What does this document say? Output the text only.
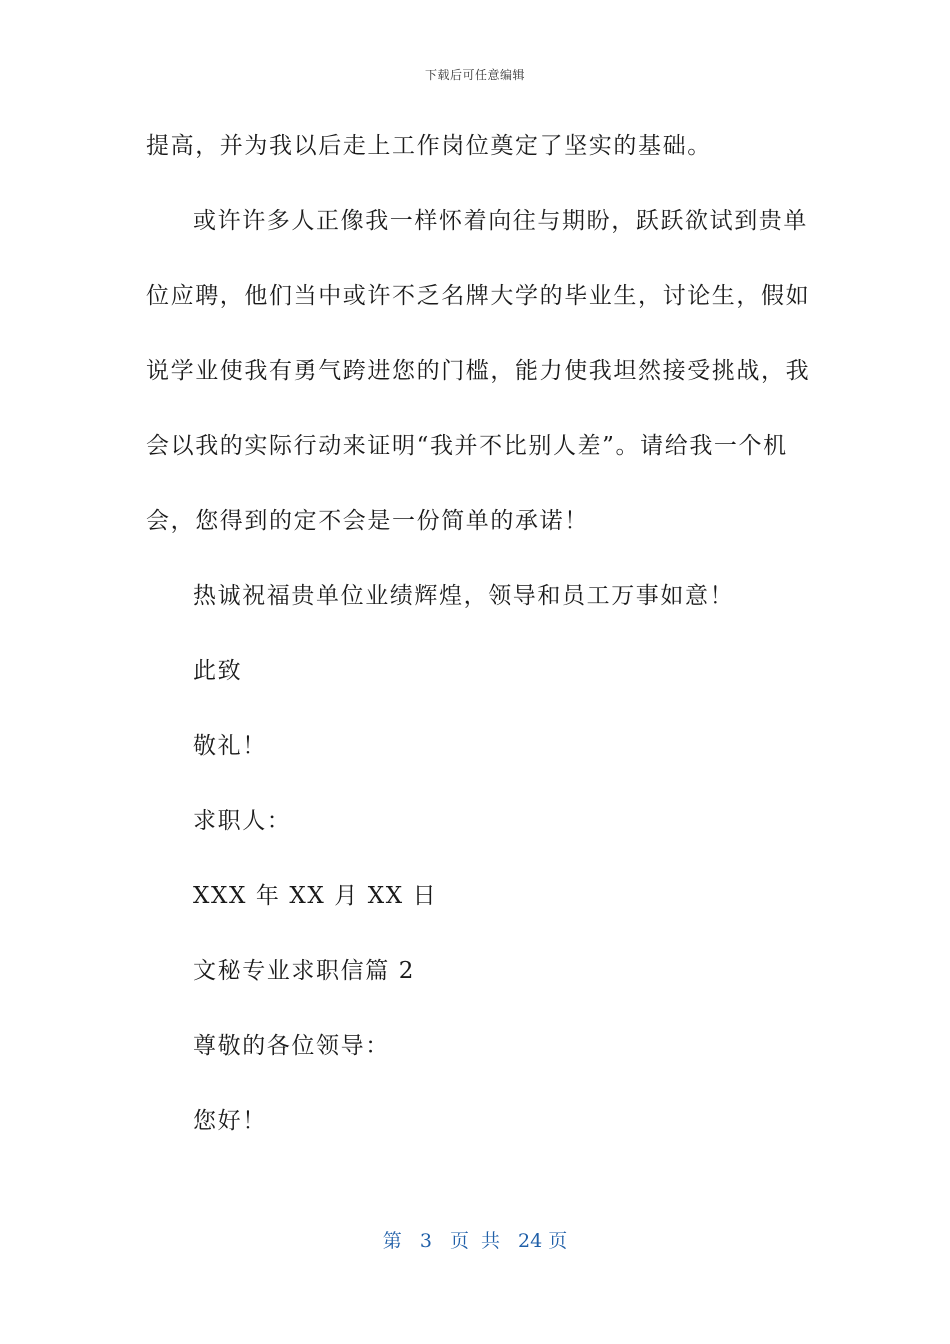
下载后可任意编辑
提高，并为我以后走上工作岗位奠定了坚实的基础。
或许许多人正像我一样怀着向往与期盼，跃跃欲试到贵单
位应聘，他们当中或许不乏名牌大学的毕业生，讨论生，假如
说学业使我有勇气跨进您的门槛，能力使我坦然接受挑战，我
会以我的实际行动来证明“我并不比别人差”。请给我一个机
会，您得到的定不会是一份简单的承诺！
热诚祝福贵单位业绩辉煌，领导和员工万事如意！
此致
敬礼！
求职人：
XXX 年 XX 月 XX 日
文秘专业求职信篇 2
尊敬的各位领导：
您好！
第 3 页 共 24 页
